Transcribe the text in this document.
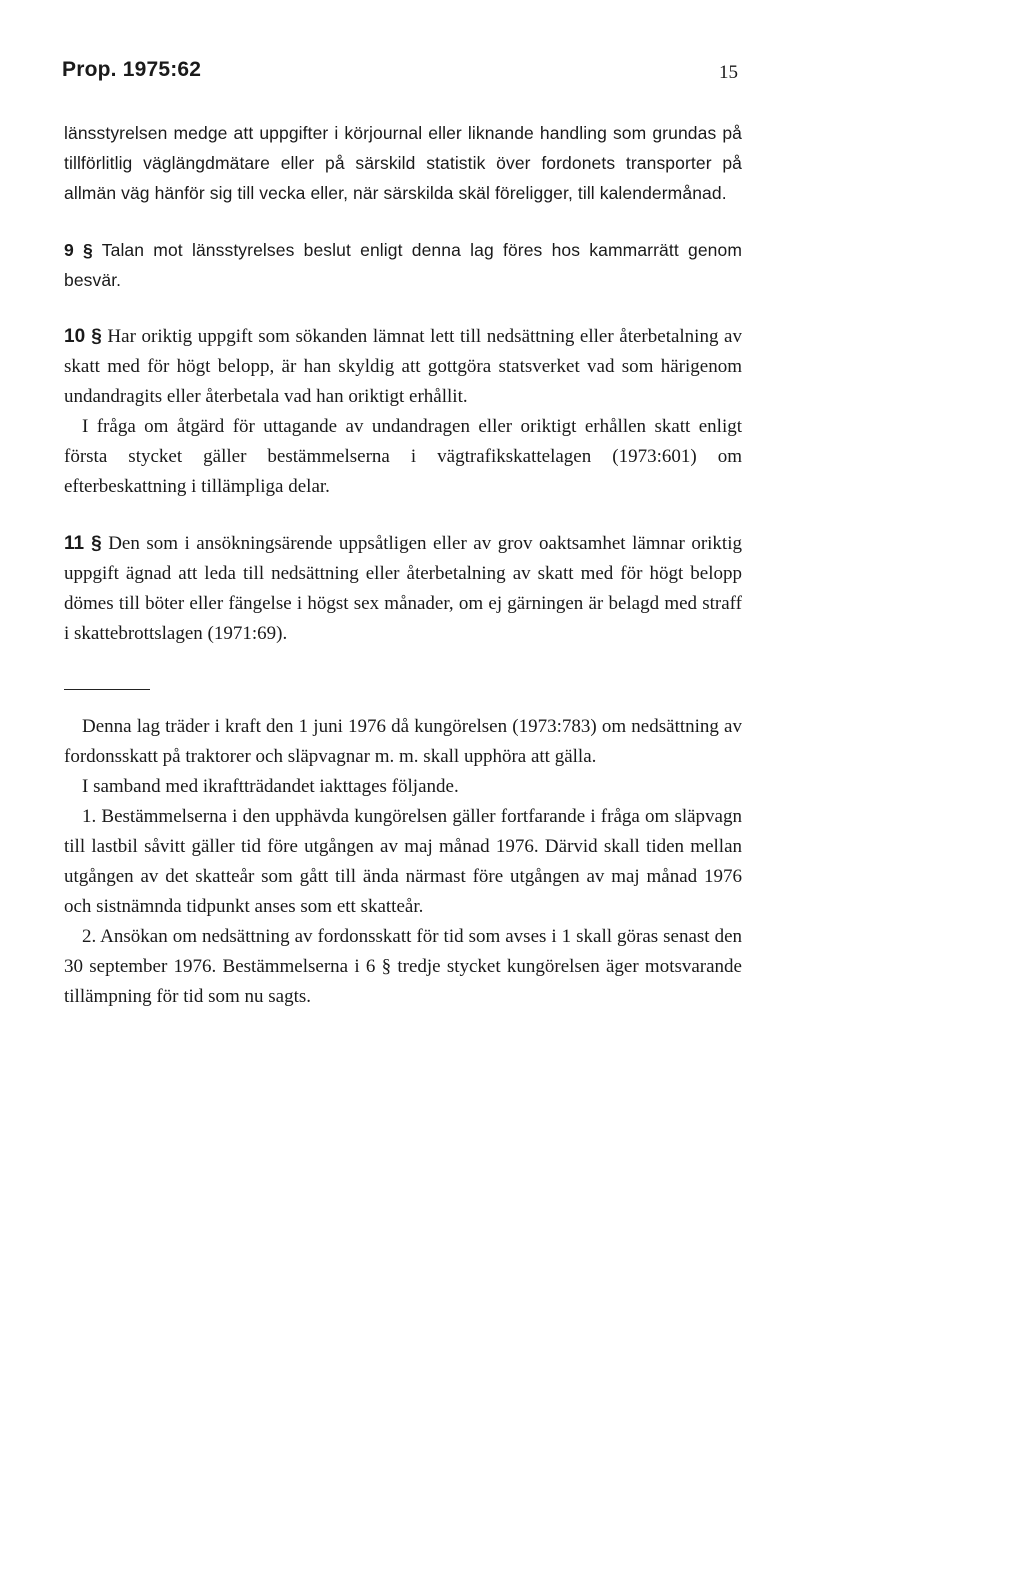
Prop. 1975:62	15

länsstyrelsen medge att uppgifter i körjournal eller liknande handling som grundas på tillförlitlig väglängdmätare eller på särskild statistik över fordonets transporter på allmän väg hänför sig till vecka eller, när särskilda skäl föreligger, till kalendermånad.

9 § Talan mot länsstyrelses beslut enligt denna lag föres hos kammarrätt genom besvär.

10 § Har oriktig uppgift som sökanden lämnat lett till nedsättning eller återbetalning av skatt med för högt belopp, är han skyldig att gottgöra statsverket vad som härigenom undandragits eller återbetala vad han oriktigt erhållit.

I fråga om åtgärd för uttagande av undandragen eller oriktigt erhållen skatt enligt första stycket gäller bestämmelserna i vägtrafikskattelagen (1973:601) om efterbeskattning i tillämpliga delar.

11 § Den som i ansökningsärende uppsåtligen eller av grov oaktsamhet lämnar oriktig uppgift ägnad att leda till nedsättning eller återbetalning av skatt med för högt belopp dömes till böter eller fängelse i högst sex månader, om ej gärningen är belagd med straff i skattebrottslagen (1971:69).

Denna lag träder i kraft den 1 juni 1976 då kungörelsen (1973:783) om nedsättning av fordonsskatt på traktorer och släpvagnar m. m. skall upphöra att gälla.

I samband med ikraftträdandet iakttages följande.

1. Bestämmelserna i den upphävda kungörelsen gäller fortfarande i fråga om släpvagn till lastbil såvitt gäller tid före utgången av maj månad 1976. Därvid skall tiden mellan utgången av det skatteår som gått till ända närmast före utgången av maj månad 1976 och sistnämnda tidpunkt anses som ett skatteår.

2. Ansökan om nedsättning av fordonsskatt för tid som avses i 1 skall göras senast den 30 september 1976. Bestämmelserna i 6 § tredje stycket kungörelsen äger motsvarande tillämpning för tid som nu sagts.
